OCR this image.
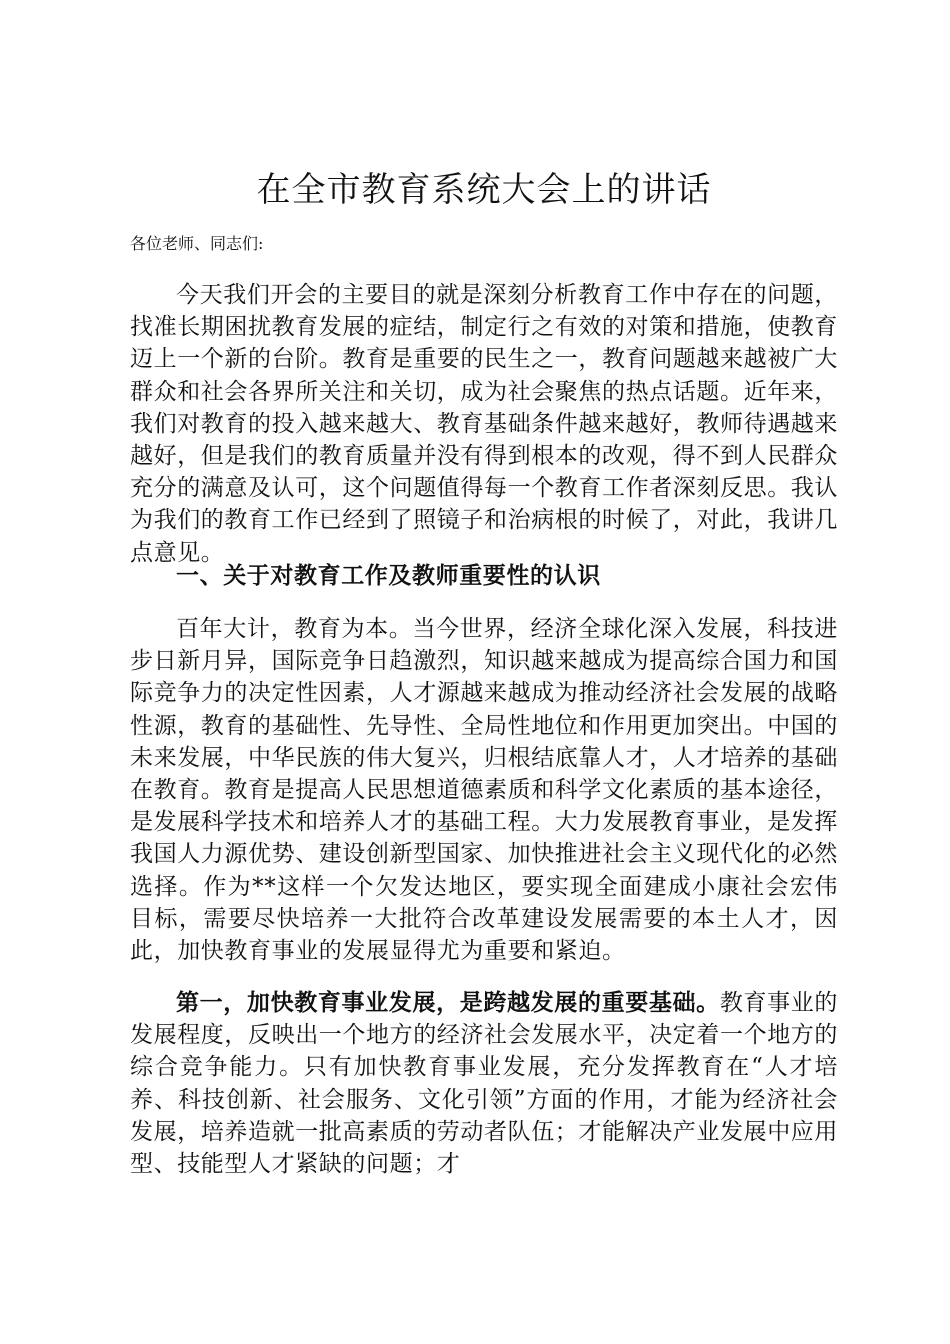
在全市教育系统大会上的讲话

各位老师、同志们:

今天我们开会的主要目的就是深刻分析教育工作中存在的问题，找准长期困扰教育发展的症结，制定行之有效的对策和措施，使教育迈上一个新的台阶。教育是重要的民生之一，教育问题越来越被广大群众和社会各界所关注和关切，成为社会聚焦的热点话题。近年来，我们对教育的投入越来越大、教育基础条件越来越好，教师待遇越来越好，但是我们的教育质量并没有得到根本的改观，得不到人民群众充分的满意及认可，这个问题值得每一个教育工作者深刻反思。我认为我们的教育工作已经到了照镜子和治病根的时候了，对此，我讲几点意见。

一、关于对教育工作及教师重要性的认识

百年大计，教育为本。当今世界，经济全球化深入发展，科技进步日新月异，国际竞争日趋激烈，知识越来越成为提高综合国力和国际竞争力的决定性因素，人才源越来越成为推动经济社会发展的战略性源，教育的基础性、先导性、全局性地位和作用更加突出。中国的未来发展，中华民族的伟大复兴，归根结底靠人才，人才培养的基础在教育。教育是提高人民思想道德素质和科学文化素质的基本途径，是发展科学技术和培养人才的基础工程。大力发展教育事业，是发挥我国人力源优势、建设创新型国家、加快推进社会主义现代化的必然选择。作为**这样一个欠发达地区，要实现全面建成小康社会宏伟目标，需要尽快培养一大批符合改革建设发展需要的本土人才，因此，加快教育事业的发展显得尤为重要和紧迫。

第一，加快教育事业发展，是跨越发展的重要基础。教育事业的发展程度，反映出一个地方的经济社会发展水平，决定着一个地方的综合竞争能力。只有加快教育事业发展，充分发挥教育在“人才培养、科技创新、社会服务、文化引领”方面的作用，才能为经济社会发展，培养造就一批高素质的劳动者队伍；才能解决产业发展中应用型、技能型人才紧缺的问题；才
